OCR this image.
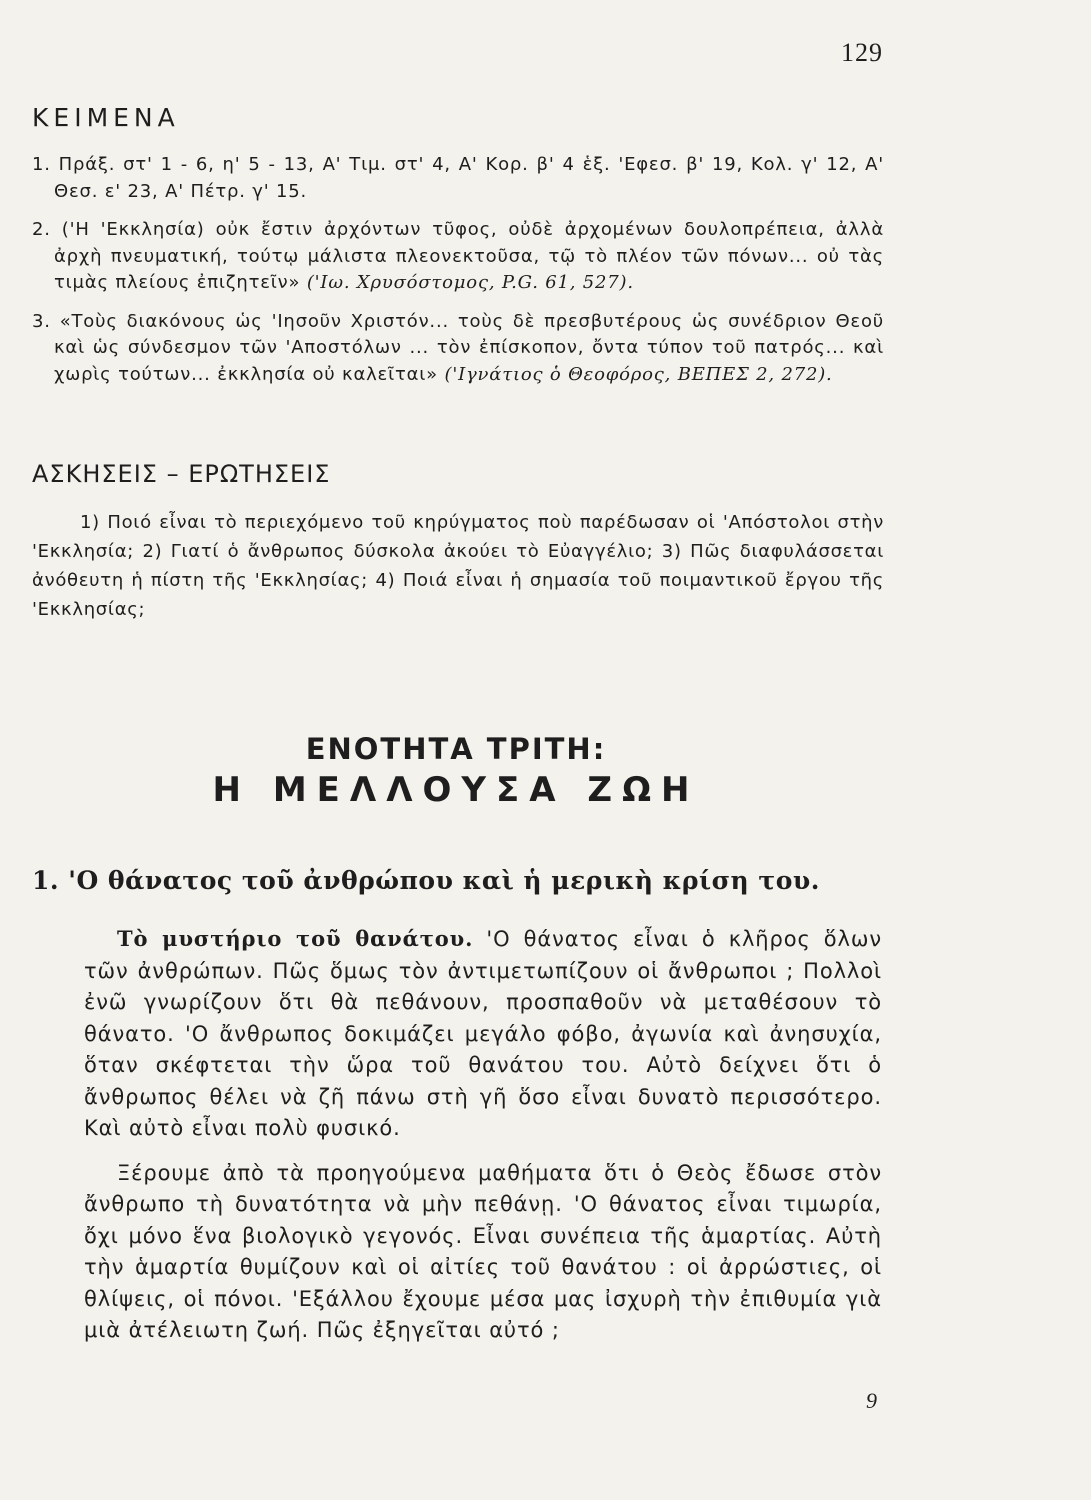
129
ΚΕΙΜΕΝΑ
1. Πράξ. στ' 1 - 6, η' 5 - 13, Α' Τιμ. στ' 4, Α' Κορ. β' 4 ἑξ. 'Εφεσ. β' 19, Κολ. γ' 12, Α' Θεσ. ε' 23, Α' Πέτρ. γ' 15.
2. ('Η 'Εκκλησία) οὐκ ἔστιν ἀρχόντων τῦφος, οὐδὲ ἀρχομένων δουλοπρέπεια, ἀλλὰ ἀρχὴ πνευματική, τούτῳ μάλιστα πλεονεκτοῦσα, τῷ τὸ πλέον τῶν πόνων... οὐ τὰς τιμὰς πλείους ἐπιζητεῖν» ('Ιω. Χρυσόστομος, P.G. 61, 527).
3. «Τοὺς διακόνους ὡς 'Ιησοῦν Χριστόν... τοὺς δὲ πρεσβυτέρους ὡς συνέδριον Θεοῦ καὶ ὡς σύνδεσμον τῶν 'Αποστόλων ... τὸν ἐπίσκοπον, ὄντα τύπον τοῦ πατρός... καὶ χωρὶς τούτων... ἐκκλησία οὐ καλεῖται» ('Ιγνάτιος ὁ Θεοφόρος, ΒΕΠΕΣ 2, 272).
ΑΣΚΗΣΕΙΣ – ΕΡΩΤΗΣΕΙΣ
1) Ποιό εἶναι τὸ περιεχόμενο τοῦ κηρύγματος ποὺ παρέδωσαν οἱ 'Απόστολοι στὴν 'Εκκλησία; 2) Γιατί ὁ ἄνθρωπος δύσκολα ἀκούει τὸ Εὐαγγέλιο; 3) Πῶς διαφυλάσσεται ἀνόθευτη ἡ πίστη τῆς 'Εκκλησίας; 4) Ποιά εἶναι ἡ σημασία τοῦ ποιμαντικοῦ ἔργου τῆς 'Εκκλησίας;
ΕΝΟΤΗΤΑ ΤΡΙΤΗ:
Η ΜΕΛΛΟΥΣΑ ΖΩΗ
1. 'Ο θάνατος τοῦ ἀνθρώπου καὶ ἡ μερικὴ κρίση του.

Τὸ μυστήριο τοῦ θανάτου. 'Ο θάνατος εἶναι ὁ κλῆρος ὅλων τῶν ἀνθρώπων. Πῶς ὅμως τὸν ἀντιμετωπίζουν οἱ ἄνθρωποι ; Πολλοὶ ἐνῶ γνωρίζουν ὅτι θὰ πεθάνουν, προσπαθοῦν νὰ μεταθέσουν τὸ θάνατο. 'Ο ἄνθρωπος δοκιμάζει μεγάλο φόβο, ἀγωνία καὶ ἀνησυχία, ὅταν σκέφτεται τὴν ὥρα τοῦ θανάτου του. Αὐτὸ δείχνει ὅτι ὁ ἄνθρωπος θέλει νὰ ζῆ πάνω στὴ γῆ ὅσο εἶναι δυνατὸ περισσότερο. Καὶ αὐτὸ εἶναι πολὺ φυσικό.

Ξέρουμε ἀπὸ τὰ προηγούμενα μαθήματα ὅτι ὁ Θεὸς ἔδωσε στὸν ἄνθρωπο τὴ δυνατότητα νὰ μὴν πεθάνῃ. 'Ο θάνατος εἶναι τιμωρία, ὄχι μόνο ἕνα βιολογικὸ γεγονός. Εἶναι συνέπεια τῆς ἁμαρτίας. Αὐτὴ τὴν ἁμαρτία θυμίζουν καὶ οἱ αἰτίες τοῦ θανάτου : οἱ ἀρρώστιες, οἱ θλίψεις, οἱ πόνοι. 'Εξάλλου ἔχουμε μέσα μας ἰσχυρὴ τὴν ἐπιθυμία γιὰ μιὰ ἀτέλειωτη ζωή. Πῶς ἐξηγεῖται αὐτό ;

9
